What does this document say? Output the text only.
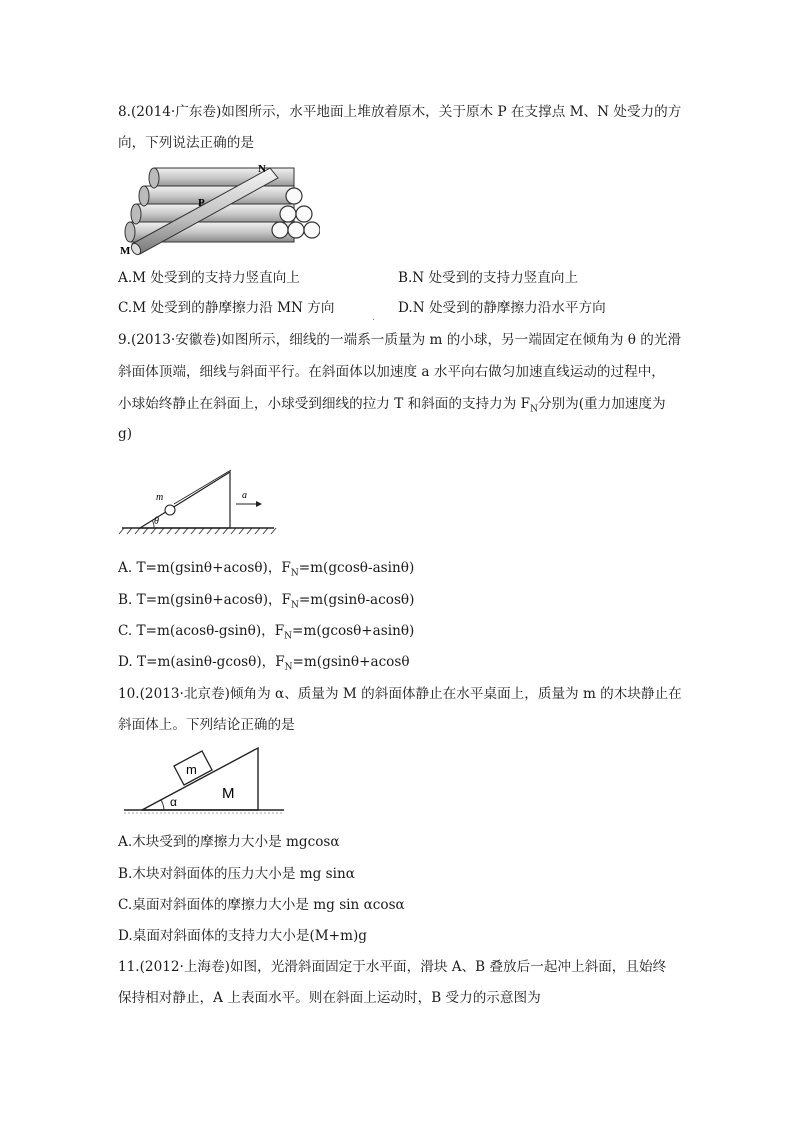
8.(2014·广东卷)如图所示，水平地面上堆放着原木，关于原木 P 在支撑点 M、N 处受力的方
向，下列说法正确的是
N
P
M
A.M 处受到的支持力竖直向上	B.N 处受到的支持力竖直向上
C.M 处受到的静摩擦力沿 MN 方向
.
D.N 处受到的静摩擦力沿水平方向
9.(2013·安徽卷)如图所示，细线的一端系一质量为 m 的小球，另一端固定在倾角为 θ 的光滑
斜面体顶端，细线与斜面平行。在斜面体以加速度 a 水平向右做匀加速直线运动的过程中，
小球始终静止在斜面上，小球受到细线的拉力 T 和斜面的支持力为 $F_N$分别为(重力加速度为
g)
θ
m	a
A. T=m(gsinθ+acosθ)，$F_N=m(gcos\theta-asin\theta)$
B. T=m(gsinθ+acosθ)，$F_N=m(gsin\theta-acos\theta)$
C. T=m(acosθ-gsinθ)，$F_N=m(gcos\theta+asin\theta)$
D. T=m(asinθ-gcosθ)，$F_N=m(gsin\theta+acos\theta$
10.(2013·北京卷)倾角为 α、质量为 M 的斜面体静止在水平桌面上，质量为 m 的木块静止在
斜面体上。下列结论正确的是
m
M
α
A.木块受到的摩擦力大小是 mgcosα
B.木块对斜面体的压力大小是 mg sinα
C.桌面对斜面体的摩擦力大小是 mg sin αcosα
D.桌面对斜面体的支持力大小是(M+m)g
11.(2012·上海卷)如图，光滑斜面固定于水平面，滑块 A、B 叠放后一起冲上斜面，且始终
保持相对静止，A 上表面水平。则在斜面上运动时，B 受力的示意图为
